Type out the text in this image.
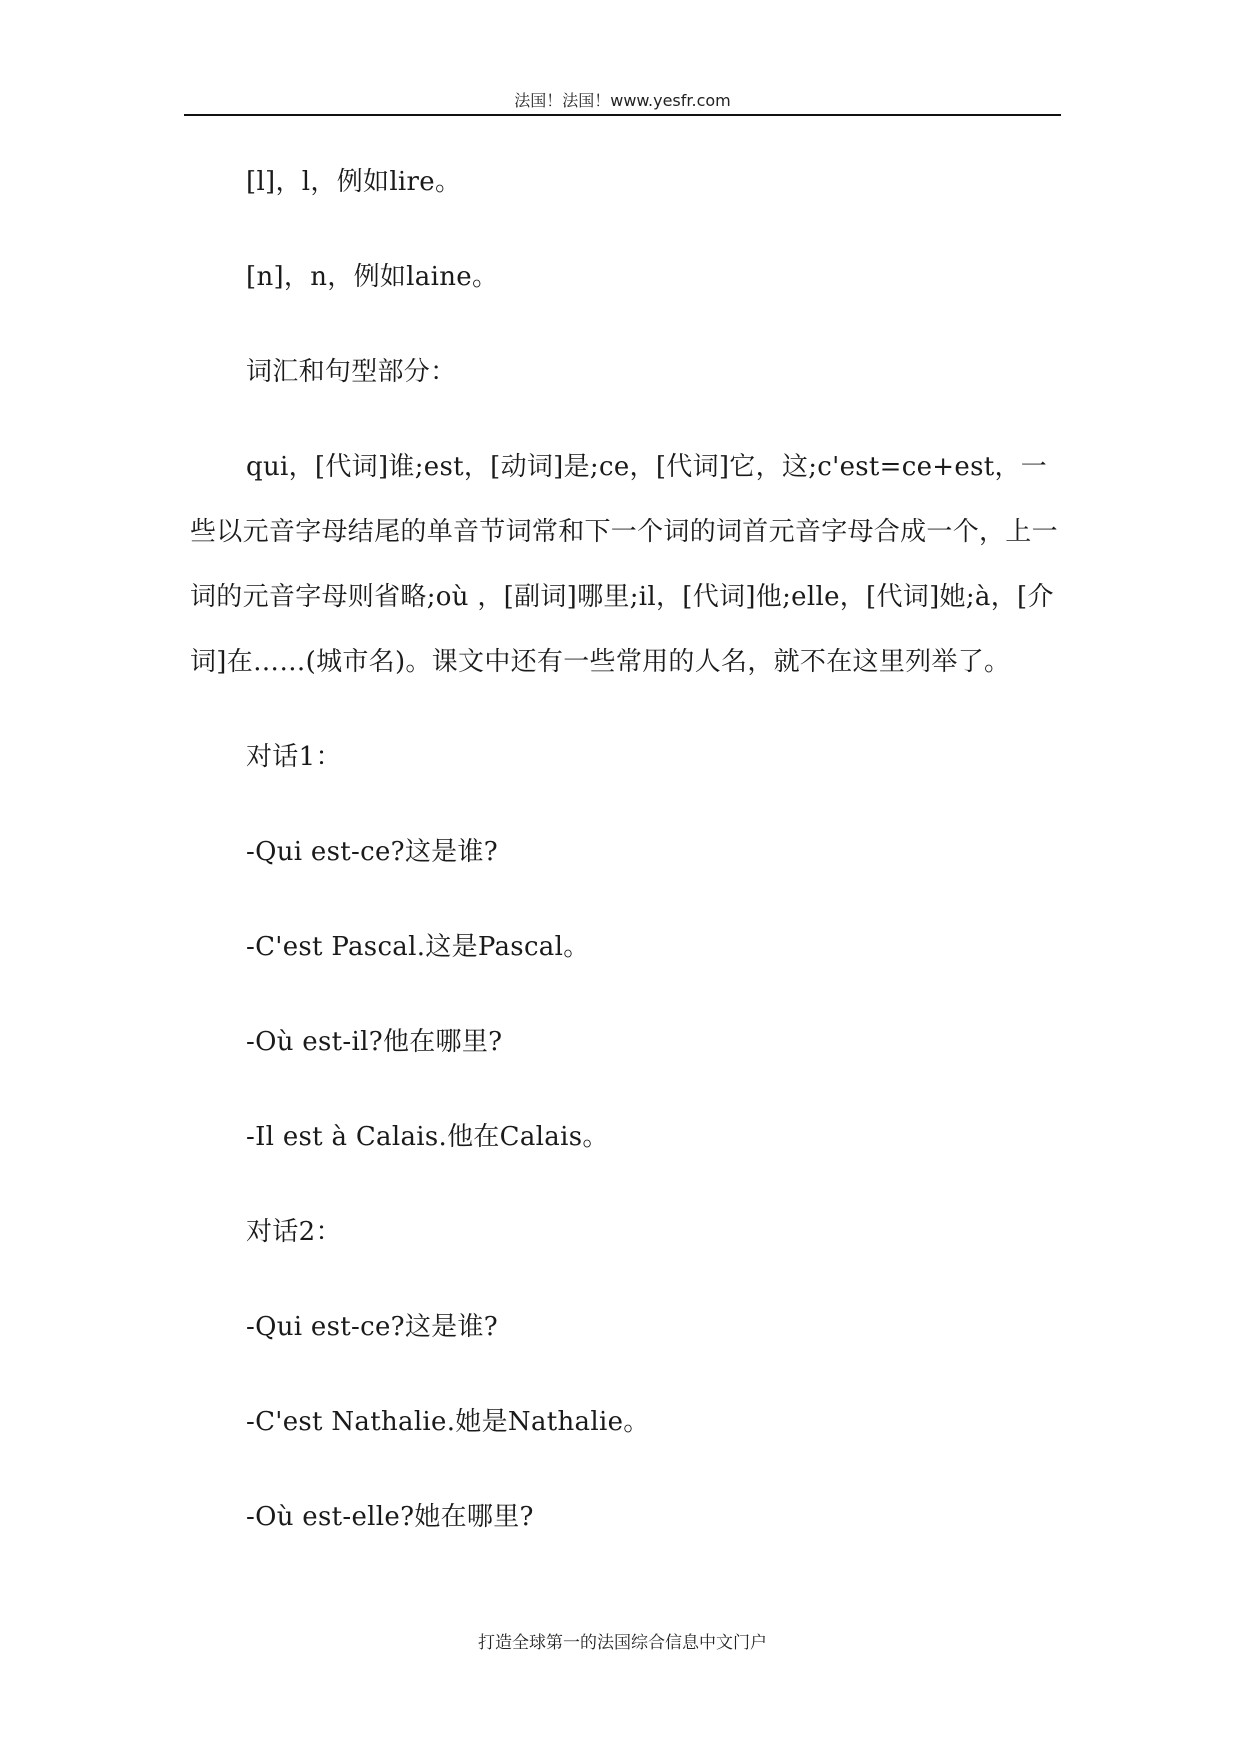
法国！法国！www.yesfr.com

[l]，l，例如lire。

[n]，n，例如laine。

词汇和句型部分：

qui，[代词]谁;est，[动词]是;ce，[代词]它，这;c'est=ce+est，一些以元音字母结尾的单音节词常和下一个词的词首元音字母合成一个，上一词的元音字母则省略;où ，[副词]哪里;il，[代词]他;elle，[代词]她;à，[介词]在……(城市名)。课文中还有一些常用的人名，就不在这里列举了。

对话1：

-Qui est-ce?这是谁?

-C'est Pascal.这是Pascal。

-Où est-il?他在哪里?

-Il est à Calais.他在Calais。

对话2：

-Qui est-ce?这是谁?

-C'est Nathalie.她是Nathalie。

-Où est-elle?她在哪里?

打造全球第一的法国综合信息中文门户
